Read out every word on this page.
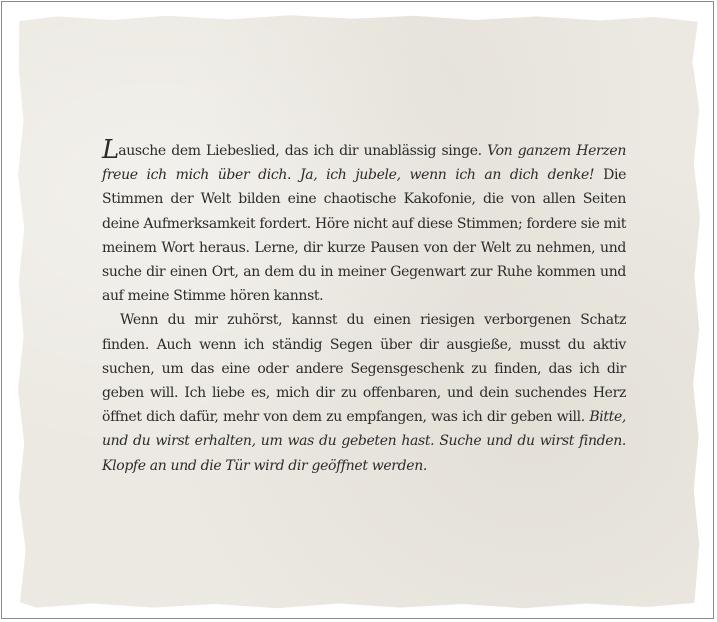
Lausche dem Liebeslied, das ich dir unablässig singe. Von ganzem Herzen freue ich mich über dich. Ja, ich jubele, wenn ich an dich denke! Die Stimmen der Welt bilden eine chaotische Kakofonie, die von allen Seiten deine Aufmerksamkeit fordert. Höre nicht auf diese Stimmen; fordere sie mit meinem Wort heraus. Lerne, dir kurze Pausen von der Welt zu nehmen, und suche dir einen Ort, an dem du in meiner Gegenwart zur Ruhe kommen und auf meine Stimme hören kannst.

Wenn du mir zuhörst, kannst du einen riesigen verborgenen Schatz finden. Auch wenn ich ständig Segen über dir ausgieße, musst du aktiv suchen, um das eine oder andere Segensgeschenk zu finden, das ich dir geben will. Ich liebe es, mich dir zu offenbaren, und dein suchendes Herz öffnet dich dafür, mehr von dem zu empfangen, was ich dir geben will. Bitte, und du wirst erhalten, um was du gebeten hast. Suche und du wirst finden. Klopfe an und die Tür wird dir geöffnet werden.
